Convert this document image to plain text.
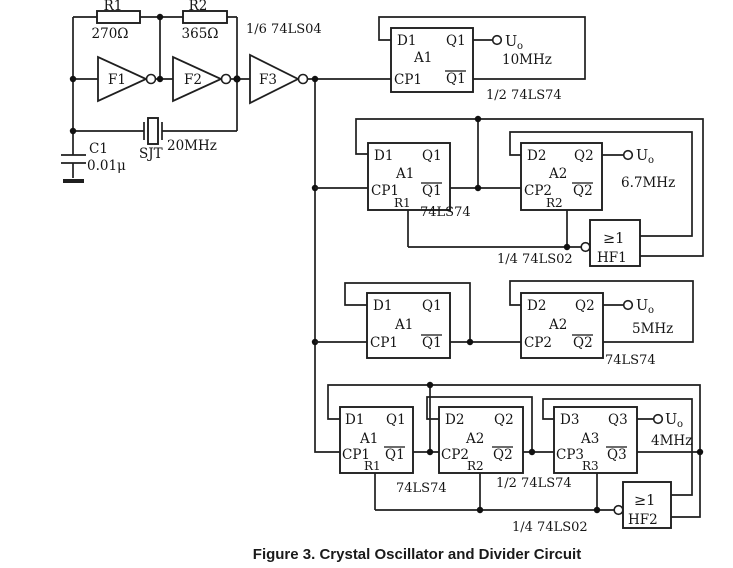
R1
270Ω
R2
365Ω
F1	F2	F3
1/6 74LS04
SJT 20MHz
C1
0.01μ
D1 Q1
A1
CP1 Q1
U o
10MHz
1/2 74LS74
D1 Q1
A1
CP1
R1
Q1
D2 Q2
A2
CP2
R2
Q2
≥1
HF1
U o
6.7MHz
74LS74
1/4 74LS02
D1 Q1
A1
CP1 Q1
D2 Q2
A2
CP2 Q2
U o
5MHz
74LS74
D1 Q1
A1
CP1
R1
Q1
D2 Q2
A2
CP2
R2
Q2
D3 Q3
A3
CP3
R3
Q3
≥1
HF2
U o
4MHz
74LS74	1/2 74LS74
1/4 74LS02
Figure 3. Crystal Oscillator and Divider Circuit
